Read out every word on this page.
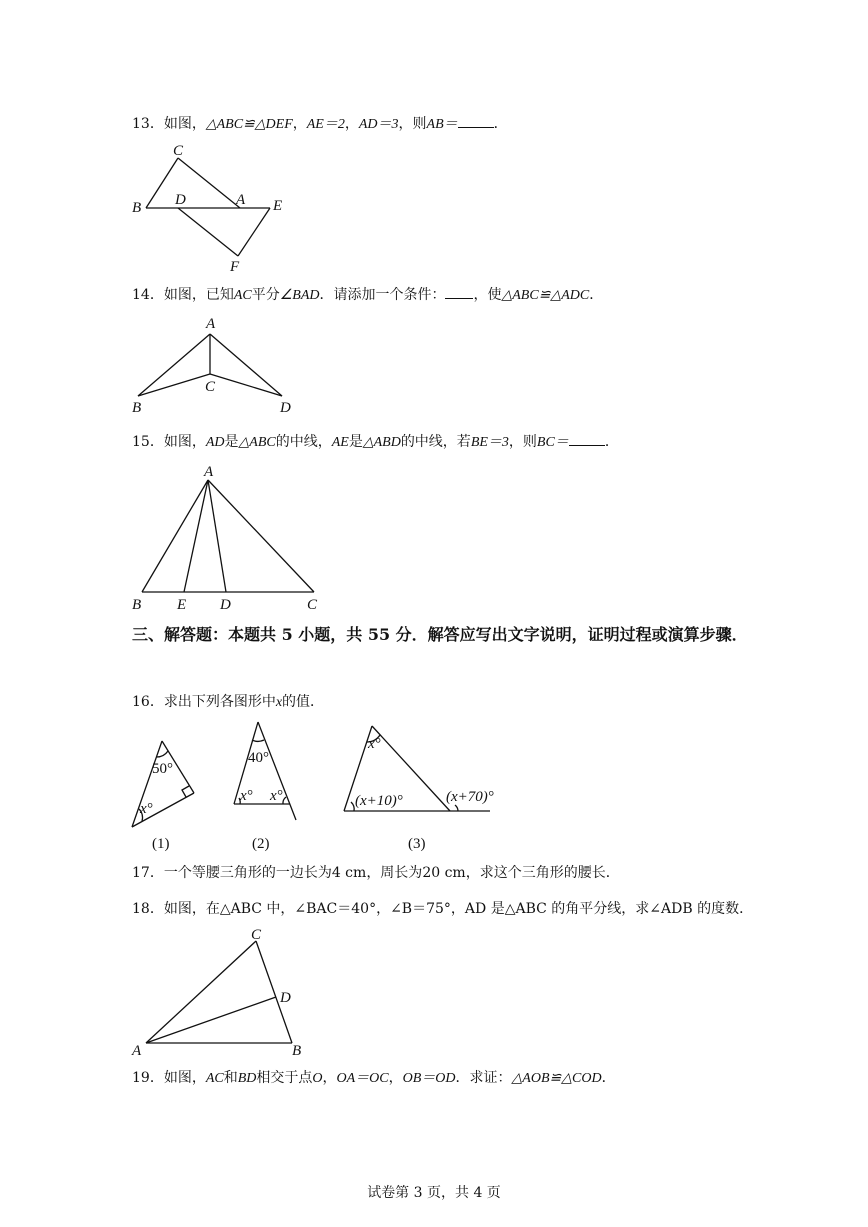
13．如图，△ABC≌△DEF，AE＝2，AD＝3，则AB＝	．
C
B D	A E
F
14．如图，已知AC平分∠BAD．请添加一个条件： ，使△ABC≌△ADC．
A
B
C
D
15．如图，AD是△ABC的中线，AE是△ABD的中线，若BE＝3，则BC＝	．
A
B E D	C
三、解答题：本题共 5 小题，共 55 分．解答应写出文字说明，证明过程或演算步骤．
16．求出下列各图形中x的值．
50°
x°
(1)
40°
x° x°
(2)
x°
(x+10)°	(x+70)°
(3)
17．一个等腰三角形的一边长为4 cm，周长为20 cm，求这个三角形的腰长．
18．如图，在△ABC 中，∠BAC＝40°，∠B＝75°，AD 是△ABC 的角平分线，求∠ADB 的度数．
C
D
A	B
19．如图，AC和BD相交于点O，OA＝OC，OB＝OD．求证：△AOB≌△COD．
试卷第 3 页，共 4 页
